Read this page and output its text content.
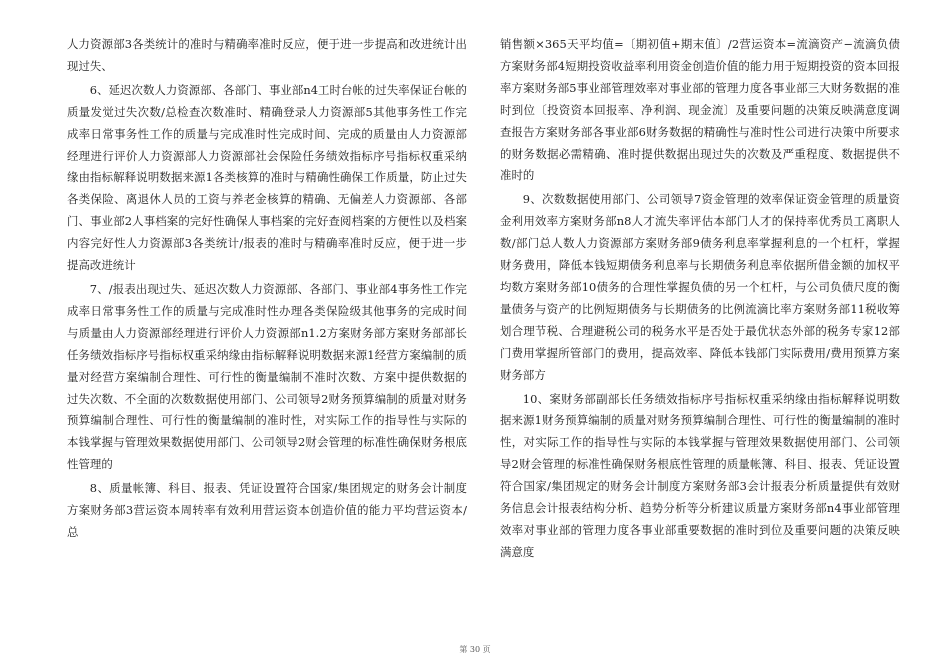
人力资源部3各类统计的准时与精确率准时反应，便于进一步提高和改进统计出现过失、

6、延迟次数人力资源部、各部门、事业部n4工时台帐的过失率保证台帐的质量发觉过失次数/总检查次数准时、精确登录人力资源部5其他事务性工作完成率日常事务性工作的质量与完成准时性完成时间、完成的质量由人力资源部经理进行评价人力资源部人力资源部社会保险任务绩效指标序号指标权重采纳缘由指标解释说明数据来源1各类核算的准时与精确性确保工作质量，防止过失各类保险、离退休人员的工资与养老金核算的精确、无偏差人力资源部、各部门、事业部2人事档案的完好性确保人事档案的完好查阅档案的方便性以及档案内容完好性人力资源部3各类统计/报表的准时与精确率准时反应，便于进一步提高改进统计

7、/报表出现过失、延迟次数人力资源部、各部门、事业部4事务性工作完成率日常事务性工作的质量与完成准时性办理各类保险级其他事务的完成时间与质量由人力资源部经理进行评价人力资源部n1.2方案财务部方案财务部部长任务绩效指标序号指标权重采纳缘由指标解释说明数据来源1经营方案编制的质量对经营方案编制合理性、可行性的衡量编制不准时次数、方案中提供数据的过失次数、不全面的次数数据使用部门、公司领导2财务预算编制的质量对财务预算编制合理性、可行性的衡量编制的准时性，对实际工作的指导性与实际的本钱掌握与管理效果数据使用部门、公司领导2财会管理的标准性确保财务根底性管理的

8、质量帐簿、科目、报表、凭证设置符合国家/集团规定的财务会计制度方案财务部3营运资本周转率有效利用营运资本创造价值的能力平均营运资本/总

销售额×365天平均值=〔期初值+期末值〕/2营运资本=流滴资产−流滴负债方案财务部4短期投资收益率利用资金创造价值的能力用于短期投资的资本回报率方案财务部5事业部管理效率对事业部的管理力度各事业部三大财务数据的准时到位〔投资资本回报率、净利润、现金流〕及重要问题的决策反映满意度调查报告方案财务部各事业部6财务数据的精确性与准时性公司进行决策中所要求的财务数据必需精确、准时提供数据出现过失的次数及严重程度、数据提供不准时的

9、次数数据使用部门、公司领导7资金管理的效率保证资金管理的质量资金利用效率方案财务部n8人才流失率评估本部门人才的保持率优秀员工离职人数/部门总人数人力资源部方案财务部9债务利息率掌握利息的一个杠杆，掌握财务费用，降低本钱短期债务利息率与长期债务利息率依据所借金额的加权平均数方案财务部10债务的合理性掌握负债的另一个杠杆，与公司负债尺度的衡量债务与资产的比例短期债务与长期债务的比例流滴比率方案财务部11税收筹划合理节税、合理避税公司的税务水平是否处于最优状态外部的税务专家12部门费用掌握所管部门的费用，提高效率、降低本钱部门实际费用/费用预算方案财务部方

10、案财务部副部长任务绩效指标序号指标权重采纳缘由指标解释说明数据来源1财务预算编制的质量对财务预算编制合理性、可行性的衡量编制的准时性，对实际工作的指导性与实际的本钱掌握与管理效果数据使用部门、公司领导2财会管理的标准性确保财务根底性管理的质量帐簿、科目、报表、凭证设置符合国家/集团规定的财务会计制度方案财务部3会计报表分析质量提供有效财务信息会计报表结构分析、趋势分析等分析建议质量方案财务部n4事业部管理效率对事业部的管理力度各事业部重要数据的准时到位及重要问题的决策反映满意度

第 30 页
